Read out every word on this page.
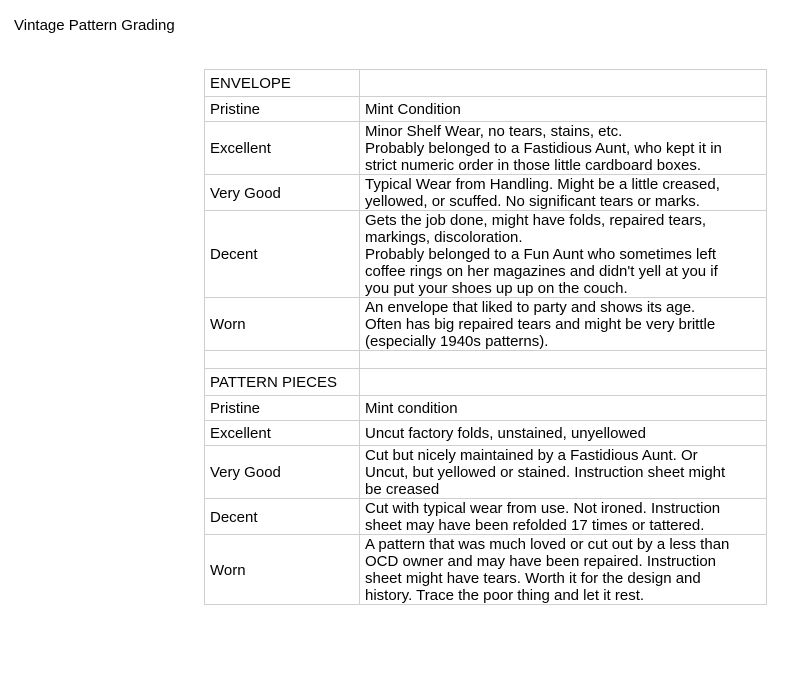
Vintage Pattern Grading
ENVELOPE	
Pristine	Mint Condition

Excellent	Minor Shelf Wear, no tears, stains, etc.
Probably belonged to a Fastidious Aunt, who kept it in
strict numeric order in those little cardboard boxes.

Very Good	Typical Wear from Handling. Might be a little creased,
yellowed, or scuffed. No significant tears or marks.

Decent	Gets the job done, might have folds, repaired tears,
markings, discoloration.
Probably belonged to a Fun Aunt who sometimes left
coffee rings on her magazines and didn't yell at you if
you put your shoes up up on the couch.

Worn	An envelope that liked to party and shows its age.
Often has big repaired tears and might be very brittle
(especially 1940s patterns).

PATTERN PIECES	
Pristine	Mint condition

Excellent	Uncut factory folds, unstained, unyellowed

Very Good	Cut but nicely maintained by a Fastidious Aunt. Or
Uncut, but yellowed or stained. Instruction sheet might
be creased

Decent	Cut with typical wear from use. Not ironed. Instruction
sheet may have been refolded 17 times or tattered.

Worn	A pattern that was much loved or cut out by a less than
OCD owner and may have been repaired. Instruction
sheet might have tears. Worth it for the design and
history. Trace the poor thing and let it rest.
